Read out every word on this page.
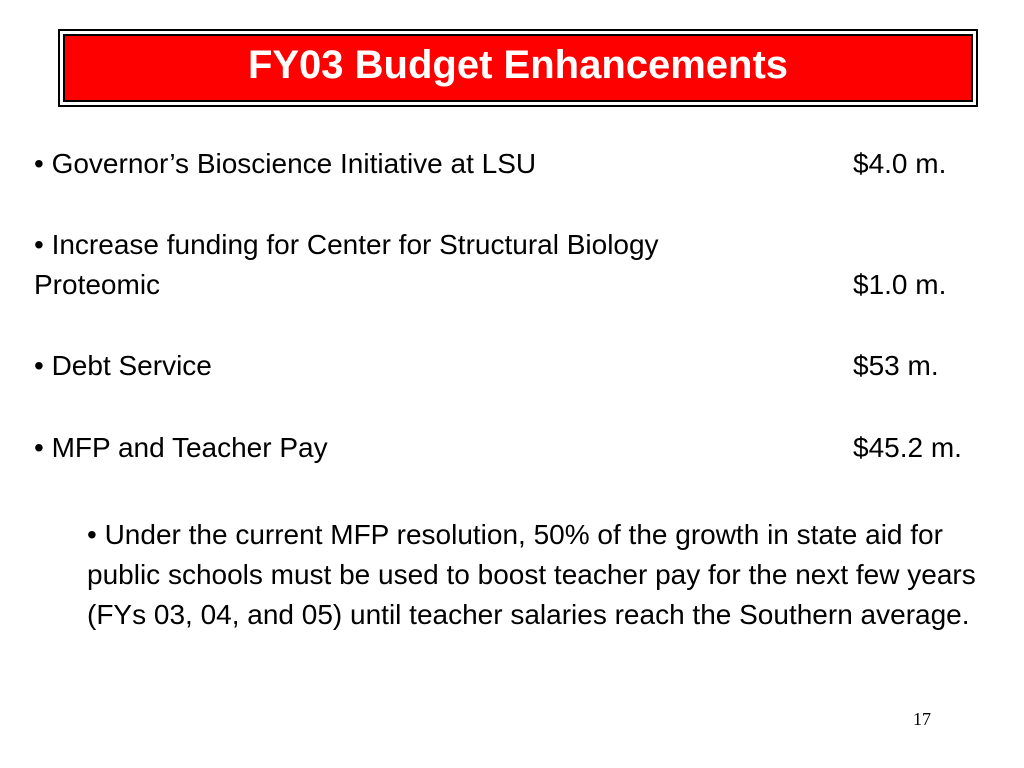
FY03 Budget Enhancements
• Governor’s Bioscience Initiative at LSU	$4.0 m.
• Increase funding for Center for Structural Biology
Proteomic	$1.0 m.
• Debt Service	$53 m.
• MFP and Teacher Pay	$45.2 m.
• Under the current MFP resolution, 50% of the growth in state aid for public schools must be used to boost teacher pay for the next few years (FYs 03, 04, and 05) until teacher salaries reach the Southern average.
17
